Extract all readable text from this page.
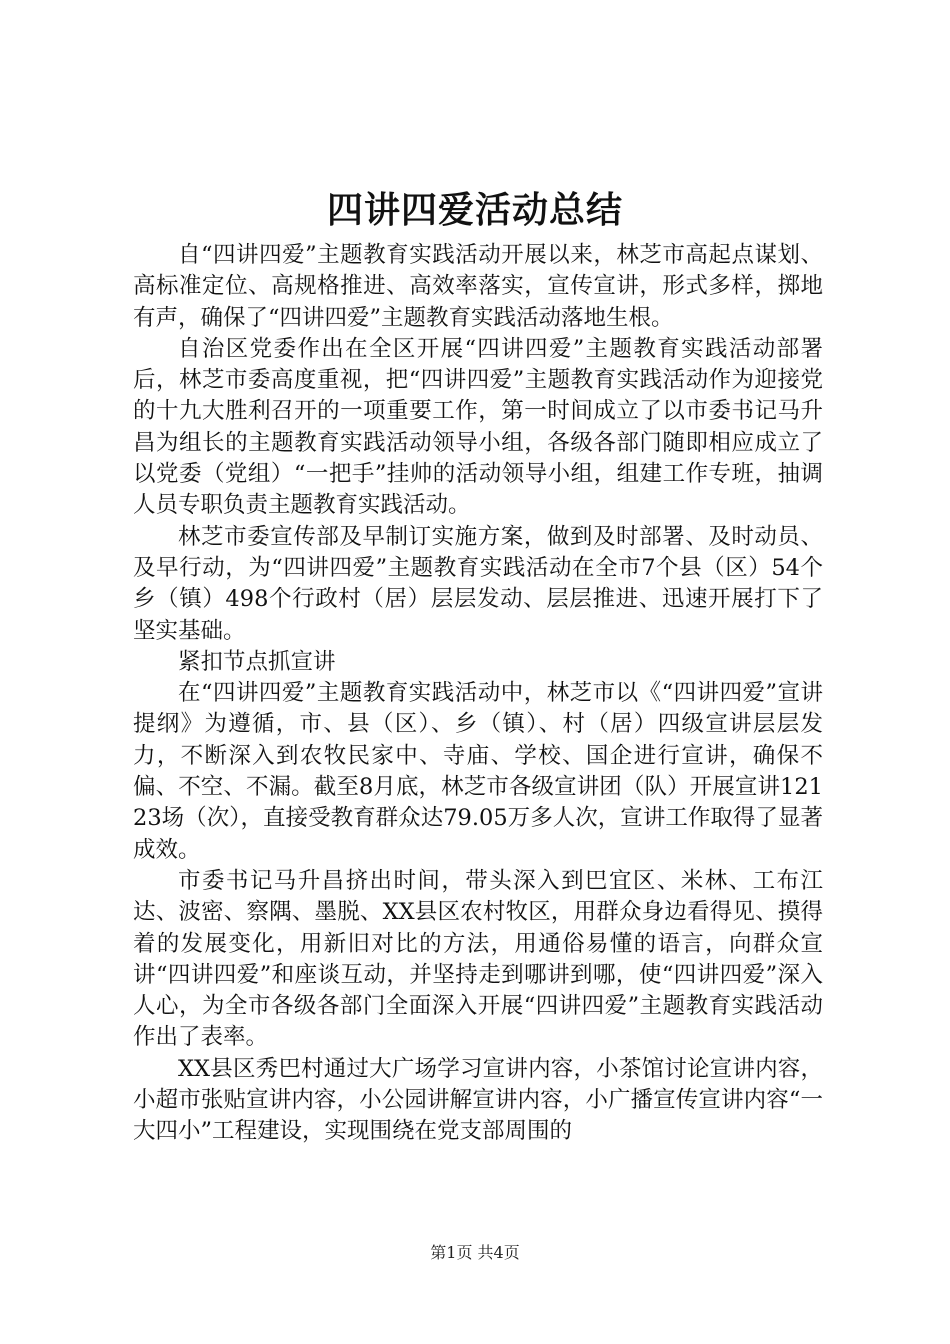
四讲四爱活动总结

自“四讲四爱”主题教育实践活动开展以来，林芝市高起点谋划、高标准定位、高规格推进、高效率落实，宣传宣讲，形式多样，掷地有声，确保了“四讲四爱”主题教育实践活动落地生根。

自治区党委作出在全区开展“四讲四爱”主题教育实践活动部署后，林芝市委高度重视，把“四讲四爱”主题教育实践活动作为迎接党的十九大胜利召开的一项重要工作，第一时间成立了以市委书记马升昌为组长的主题教育实践活动领导小组，各级各部门随即相应成立了以党委（党组）“一把手”挂帅的活动领导小组，组建工作专班，抽调人员专职负责主题教育实践活动。

林芝市委宣传部及早制订实施方案，做到及时部署、及时动员、及早行动，为“四讲四爱”主题教育实践活动在全市7个县（区）54个乡（镇）498个行政村（居）层层发动、层层推进、迅速开展打下了坚实基础。

紧扣节点抓宣讲

在“四讲四爱”主题教育实践活动中，林芝市以《“四讲四爱”宣讲提纲》为遵循，市、县（区）、乡（镇）、村（居）四级宣讲层层发力，不断深入到农牧民家中、寺庙、学校、国企进行宣讲，确保不偏、不空、不漏。截至8月底，林芝市各级宣讲团（队）开展宣讲12123场（次），直接受教育群众达79.05万多人次，宣讲工作取得了显著成效。

市委书记马升昌挤出时间，带头深入到巴宜区、米林、工布江达、波密、察隅、墨脱、XX县区农村牧区，用群众身边看得见、摸得着的发展变化，用新旧对比的方法，用通俗易懂的语言，向群众宣讲“四讲四爱”和座谈互动，并坚持走到哪讲到哪，使“四讲四爱”深入人心，为全市各级各部门全面深入开展“四讲四爱”主题教育实践活动作出了表率。

XX县区秀巴村通过大广场学习宣讲内容，小茶馆讨论宣讲内容，小超市张贴宣讲内容，小公园讲解宣讲内容，小广播宣传宣讲内容“一大四小”工程建设，实现围绕在党支部周围的

第1页 共4页
